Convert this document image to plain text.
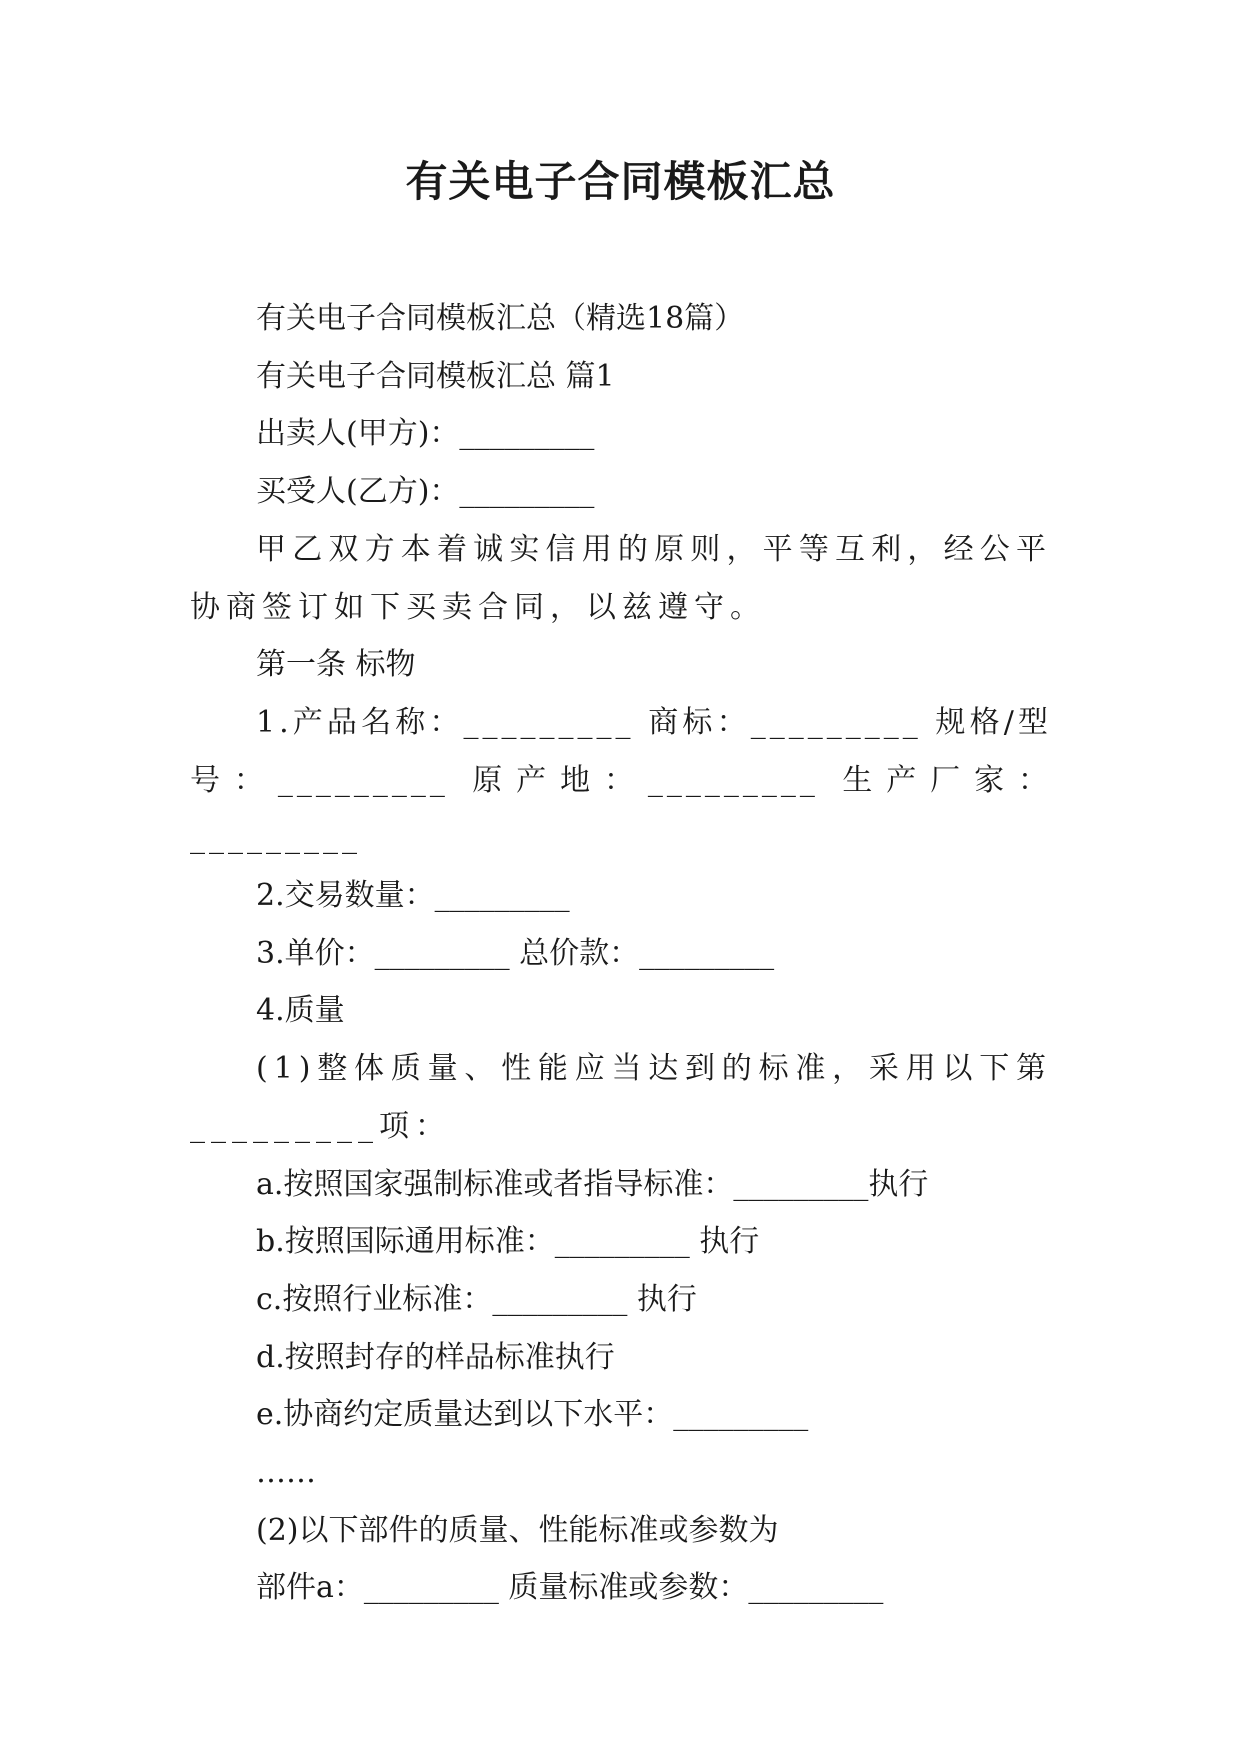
有关电子合同模板汇总

有关电子合同模板汇总（精选18篇）

有关电子合同模板汇总 篇1

出卖人(甲方)：_________

买受人(乙方)：_________

甲乙双方本着诚实信用的原则，平等互利，经公平协商签订如下买卖合同，以兹遵守。

第一条 标物

1.产品名称：_________ 商标：_________ 规格/型号：_________ 原产地：_________ 生产厂家：_________

2.交易数量：_________

3.单价：_________ 总价款：_________

4.质量

(1)整体质量、性能应当达到的标准，采用以下第_________项：

a.按照国家强制标准或者指导标准：_________执行

b.按照国际通用标准：_________ 执行

c.按照行业标准：_________ 执行

d.按照封存的样品标准执行

e.协商约定质量达到以下水平：_________

……

(2)以下部件的质量、性能标准或参数为

部件a：_________ 质量标准或参数：_________
